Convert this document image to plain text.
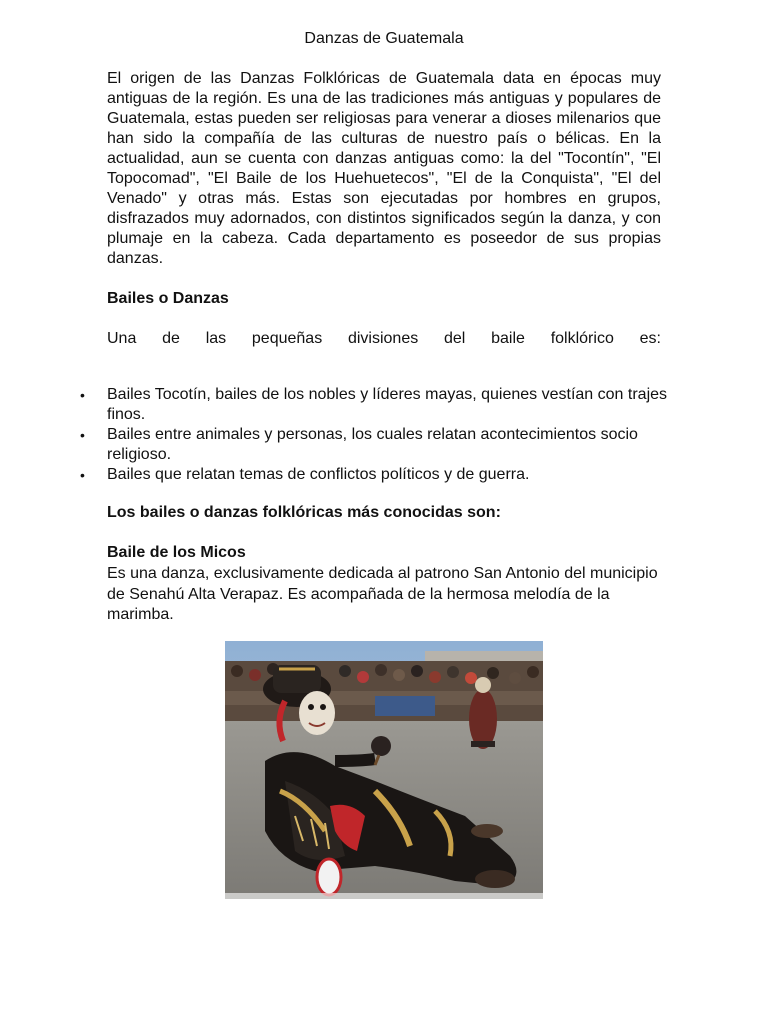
Danzas de Guatemala

El origen de las Danzas Folklóricas de Guatemala data en épocas muy antiguas de la región. Es una de las tradiciones más antiguas y populares de Guatemala, estas pueden ser religiosas para venerar a dioses milenarios que han sido la compañía de las culturas de nuestro país o bélicas. En la actualidad, aun se cuenta con danzas antiguas como: la del "Tocontín", "El Topocomad", "El Baile de los Huehuetecos", "El de la Conquista", "El del Venado" y otras más. Estas son ejecutadas por hombres en grupos, disfrazados muy adornados, con distintos significados según la danza, y con plumaje en la cabeza. Cada departamento es poseedor de sus propias danzas.

Bailes o Danzas

Una de las pequeñas divisiones del baile folklórico es:
•	Bailes Tocotín, bailes de los nobles y líderes mayas, quienes vestían con trajes finos.
•	Bailes entre animales y personas, los cuales relatan acontecimientos socio religioso.
•	Bailes que relatan temas de conflictos políticos y de guerra.

Los bailes o danzas folklóricas más conocidas son:

Baile de los Micos

Es una danza, exclusivamente dedicada al patrono San Antonio del municipio de Senahú Alta Verapaz. Es acompañada de la hermosa melodía de la marimba.
